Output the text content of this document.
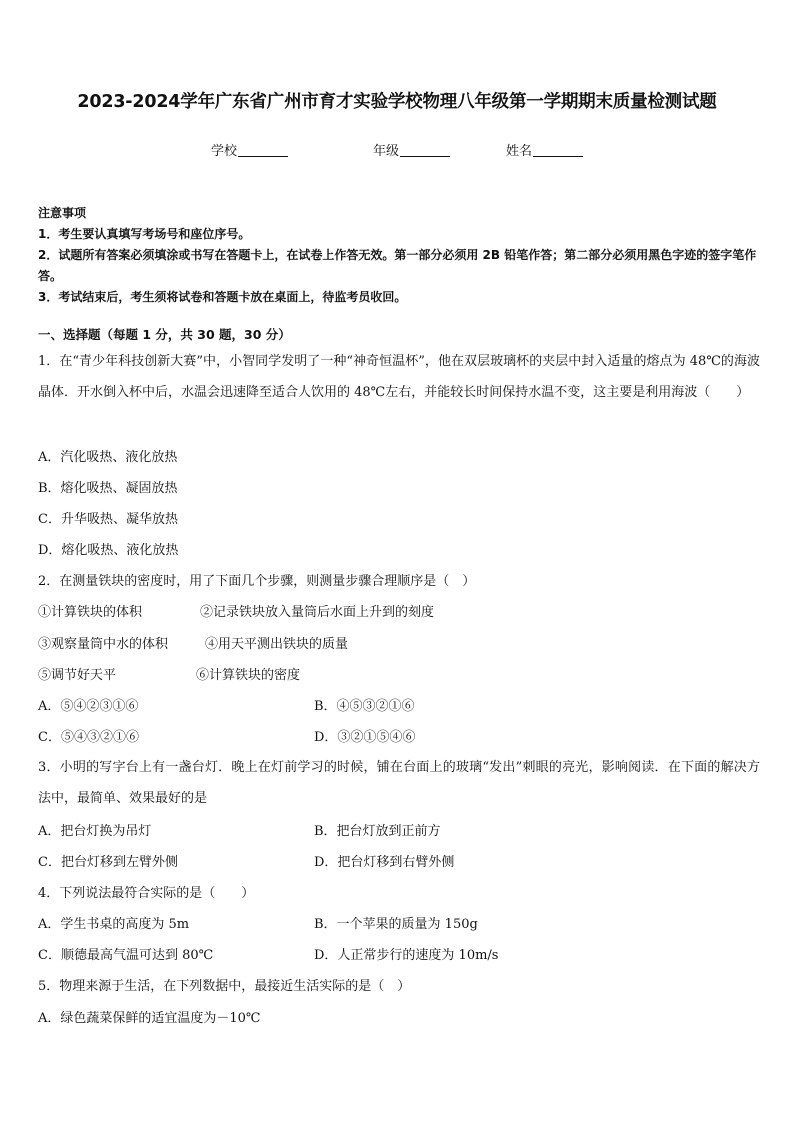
2023-2024学年广东省广州市育才实验学校物理八年级第一学期期末质量检测试题
学校	年级	姓名
注意事项
1．考生要认真填写考场号和座位序号。
2．试题所有答案必须填涂或书写在答题卡上，在试卷上作答无效。第一部分必须用 2B 铅笔作答；第二部分必须用黑色字迹的签字笔作答。
3．考试结束后，考生须将试卷和答题卡放在桌面上，待监考员收回。
一、选择题（每题 1 分，共 30 题，30 分）
1．在“青少年科技创新大赛”中，小智同学发明了一种“神奇恒温杯”，他在双层玻璃杯的夹层中封入适量的熔点为 48℃的海波晶体．开水倒入杯中后，水温会迅速降至适合人饮用的 48℃左右，并能较长时间保持水温不变，这主要是利用海波（　　）
A．汽化吸热、液化放热
B．熔化吸热、凝固放热
C．升华吸热、凝华放热
D．熔化吸热、液化放热
2．在测量铁块的密度时，用了下面几个步骤，则测量步骤合理顺序是（　）
①计算铁块的体积	②记录铁块放入量筒后水面上升到的刻度
③观察量筒中水的体积	④用天平测出铁块的质量
⑤调节好天平	⑥计算铁块的密度
A．⑤④②③①⑥	B．④⑤③②①⑥
C．⑤④③②①⑥	D．③②①⑤④⑥
3．小明的写字台上有一盏台灯．晚上在灯前学习的时候，铺在台面上的玻璃“发出”刺眼的亮光，影响阅读．在下面的解决方法中，最简单、效果最好的是
A．把台灯换为吊灯	B．把台灯放到正前方
C．把台灯移到左臂外侧	D．把台灯移到右臂外侧
4．下列说法最符合实际的是（　　）
A．学生书桌的高度为 5m	B．一个苹果的质量为 150g
C．顺德最高气温可达到 80℃	D．人正常步行的速度为 10m/s
5．物理来源于生活，在下列数据中，最接近生活实际的是（　）
A．绿色蔬菜保鲜的适宜温度为－10℃
